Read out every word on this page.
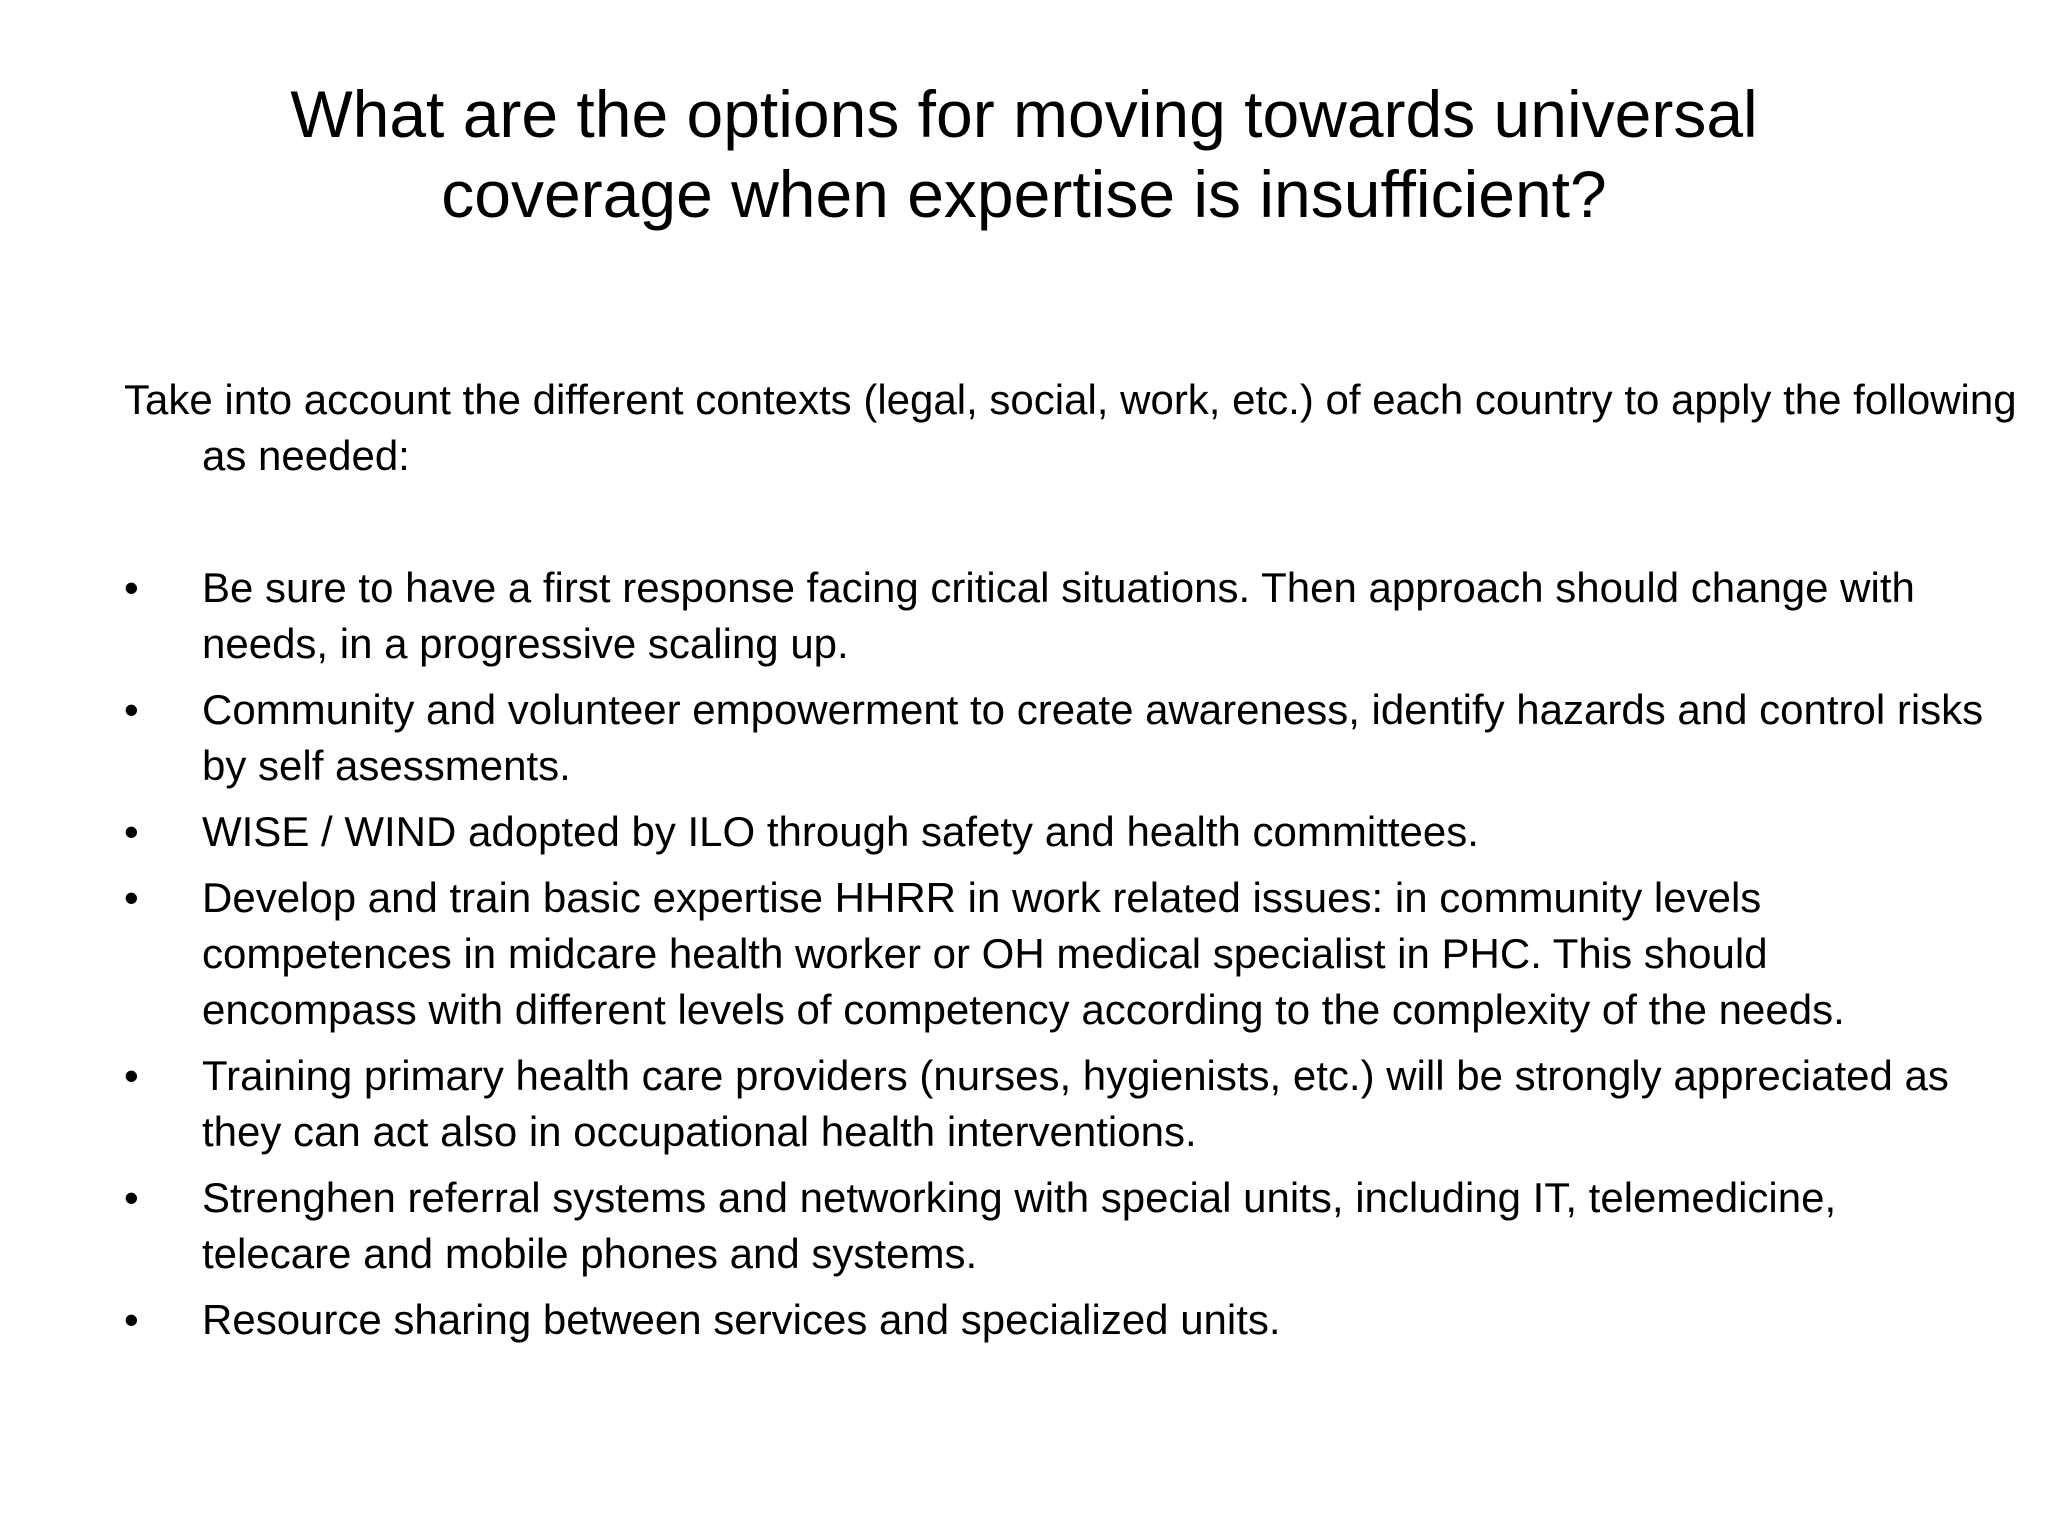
What are the options for moving towards universal coverage when expertise is insufficient?

Take into account the different contexts (legal, social, work, etc.) of each country to apply the following as needed:

•	Be sure to have a first response facing critical situations. Then approach should change with needs, in a progressive scaling up.
•	Community and volunteer empowerment to create awareness, identify hazards and control risks by self asessments.
•	WISE / WIND adopted by ILO through safety and health committees.
•	Develop and train basic expertise HHRR in work related issues: in community levels competences in midcare health worker or OH medical specialist in PHC. This should encompass with different levels of competency according to the complexity of the needs.
•	Training primary health care providers (nurses, hygienists, etc.) will be strongly appreciated as they can act also in occupational health interventions.
•	Strenghen referral systems and networking with special units, including IT, telemedicine, telecare and mobile phones and systems.
•	Resource sharing between services and specialized units.
